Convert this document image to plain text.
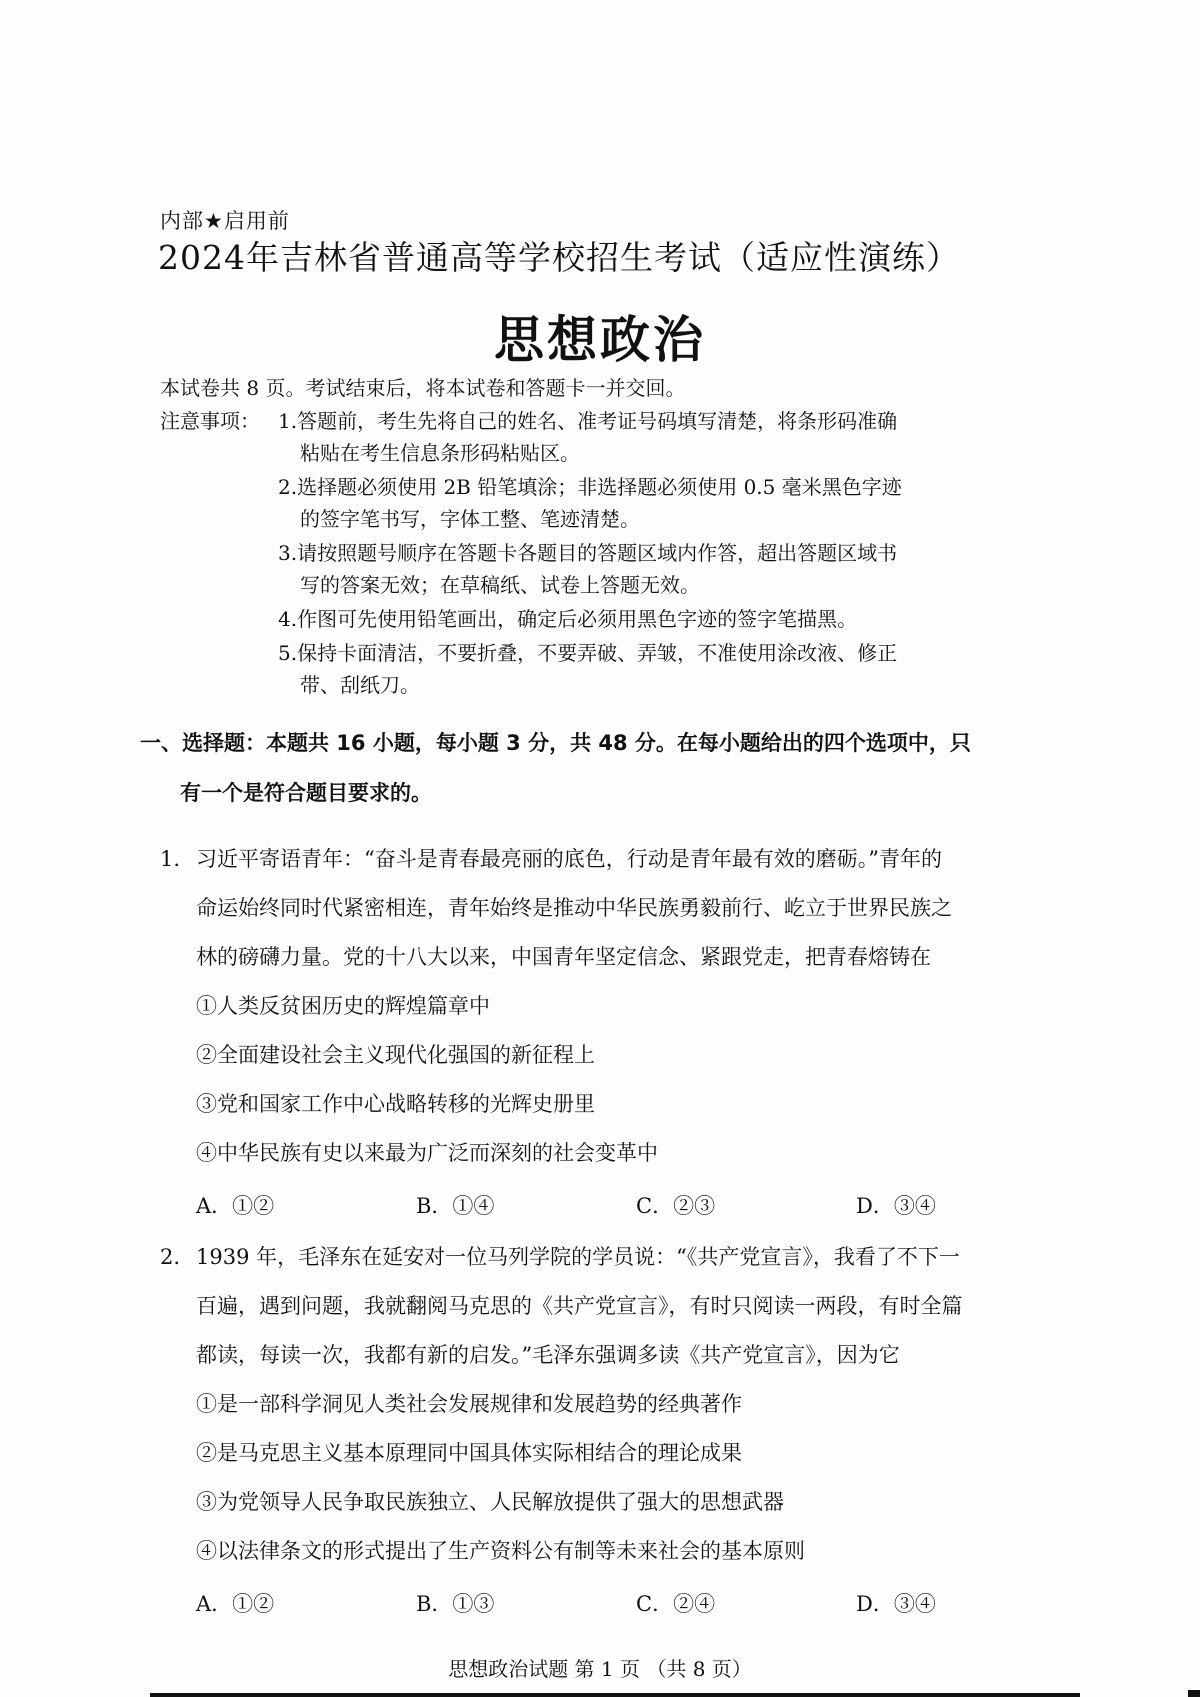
内部★启用前
2024年吉林省普通高等学校招生考试（适应性演练）
思想政治
本试卷共 8 页。考试结束后，将本试卷和答题卡一并交回。
注意事项： 1.答题前，考生先将自己的姓名、准考证号码填写清楚，将条形码准确
粘贴在考生信息条形码粘贴区。
2.选择题必须使用 2B 铅笔填涂；非选择题必须使用 0.5 毫米黑色字迹
的签字笔书写，字体工整、笔迹清楚。
3.请按照题号顺序在答题卡各题目的答题区域内作答，超出答题区域书
写的答案无效；在草稿纸、试卷上答题无效。
4.作图可先使用铅笔画出，确定后必须用黑色字迹的签字笔描黑。
5.保持卡面清洁，不要折叠，不要弄破、弄皱，不准使用涂改液、修正
带、刮纸刀。
一、选择题：本题共 16 小题，每小题 3 分，共 48 分。在每小题给出的四个选项中，只
有一个是符合题目要求的。
1. 习近平寄语青年：“奋斗是青春最亮丽的底色，行动是青年最有效的磨砺。”青年的
命运始终同时代紧密相连，青年始终是推动中华民族勇毅前行、屹立于世界民族之
林的磅礴力量。党的十八大以来，中国青年坚定信念、紧跟党走，把青春熔铸在
①人类反贫困历史的辉煌篇章中
②全面建设社会主义现代化强国的新征程上
③党和国家工作中心战略转移的光辉史册里
④中华民族有史以来最为广泛而深刻的社会变革中
A．①②	B．①④	C．②③	D．③④
2. 1939 年，毛泽东在延安对一位马列学院的学员说：“《共产党宣言》，我看了不下一
百遍，遇到问题，我就翻阅马克思的《共产党宣言》，有时只阅读一两段，有时全篇
都读，每读一次，我都有新的启发。”毛泽东强调多读《共产党宣言》，因为它
①是一部科学洞见人类社会发展规律和发展趋势的经典著作
②是马克思主义基本原理同中国具体实际相结合的理论成果
③为党领导人民争取民族独立、人民解放提供了强大的思想武器
④以法律条文的形式提出了生产资料公有制等未来社会的基本原则
A．①②	B．①③	C．②④	D．③④
思想政治试题 第 1 页 （共 8 页）
